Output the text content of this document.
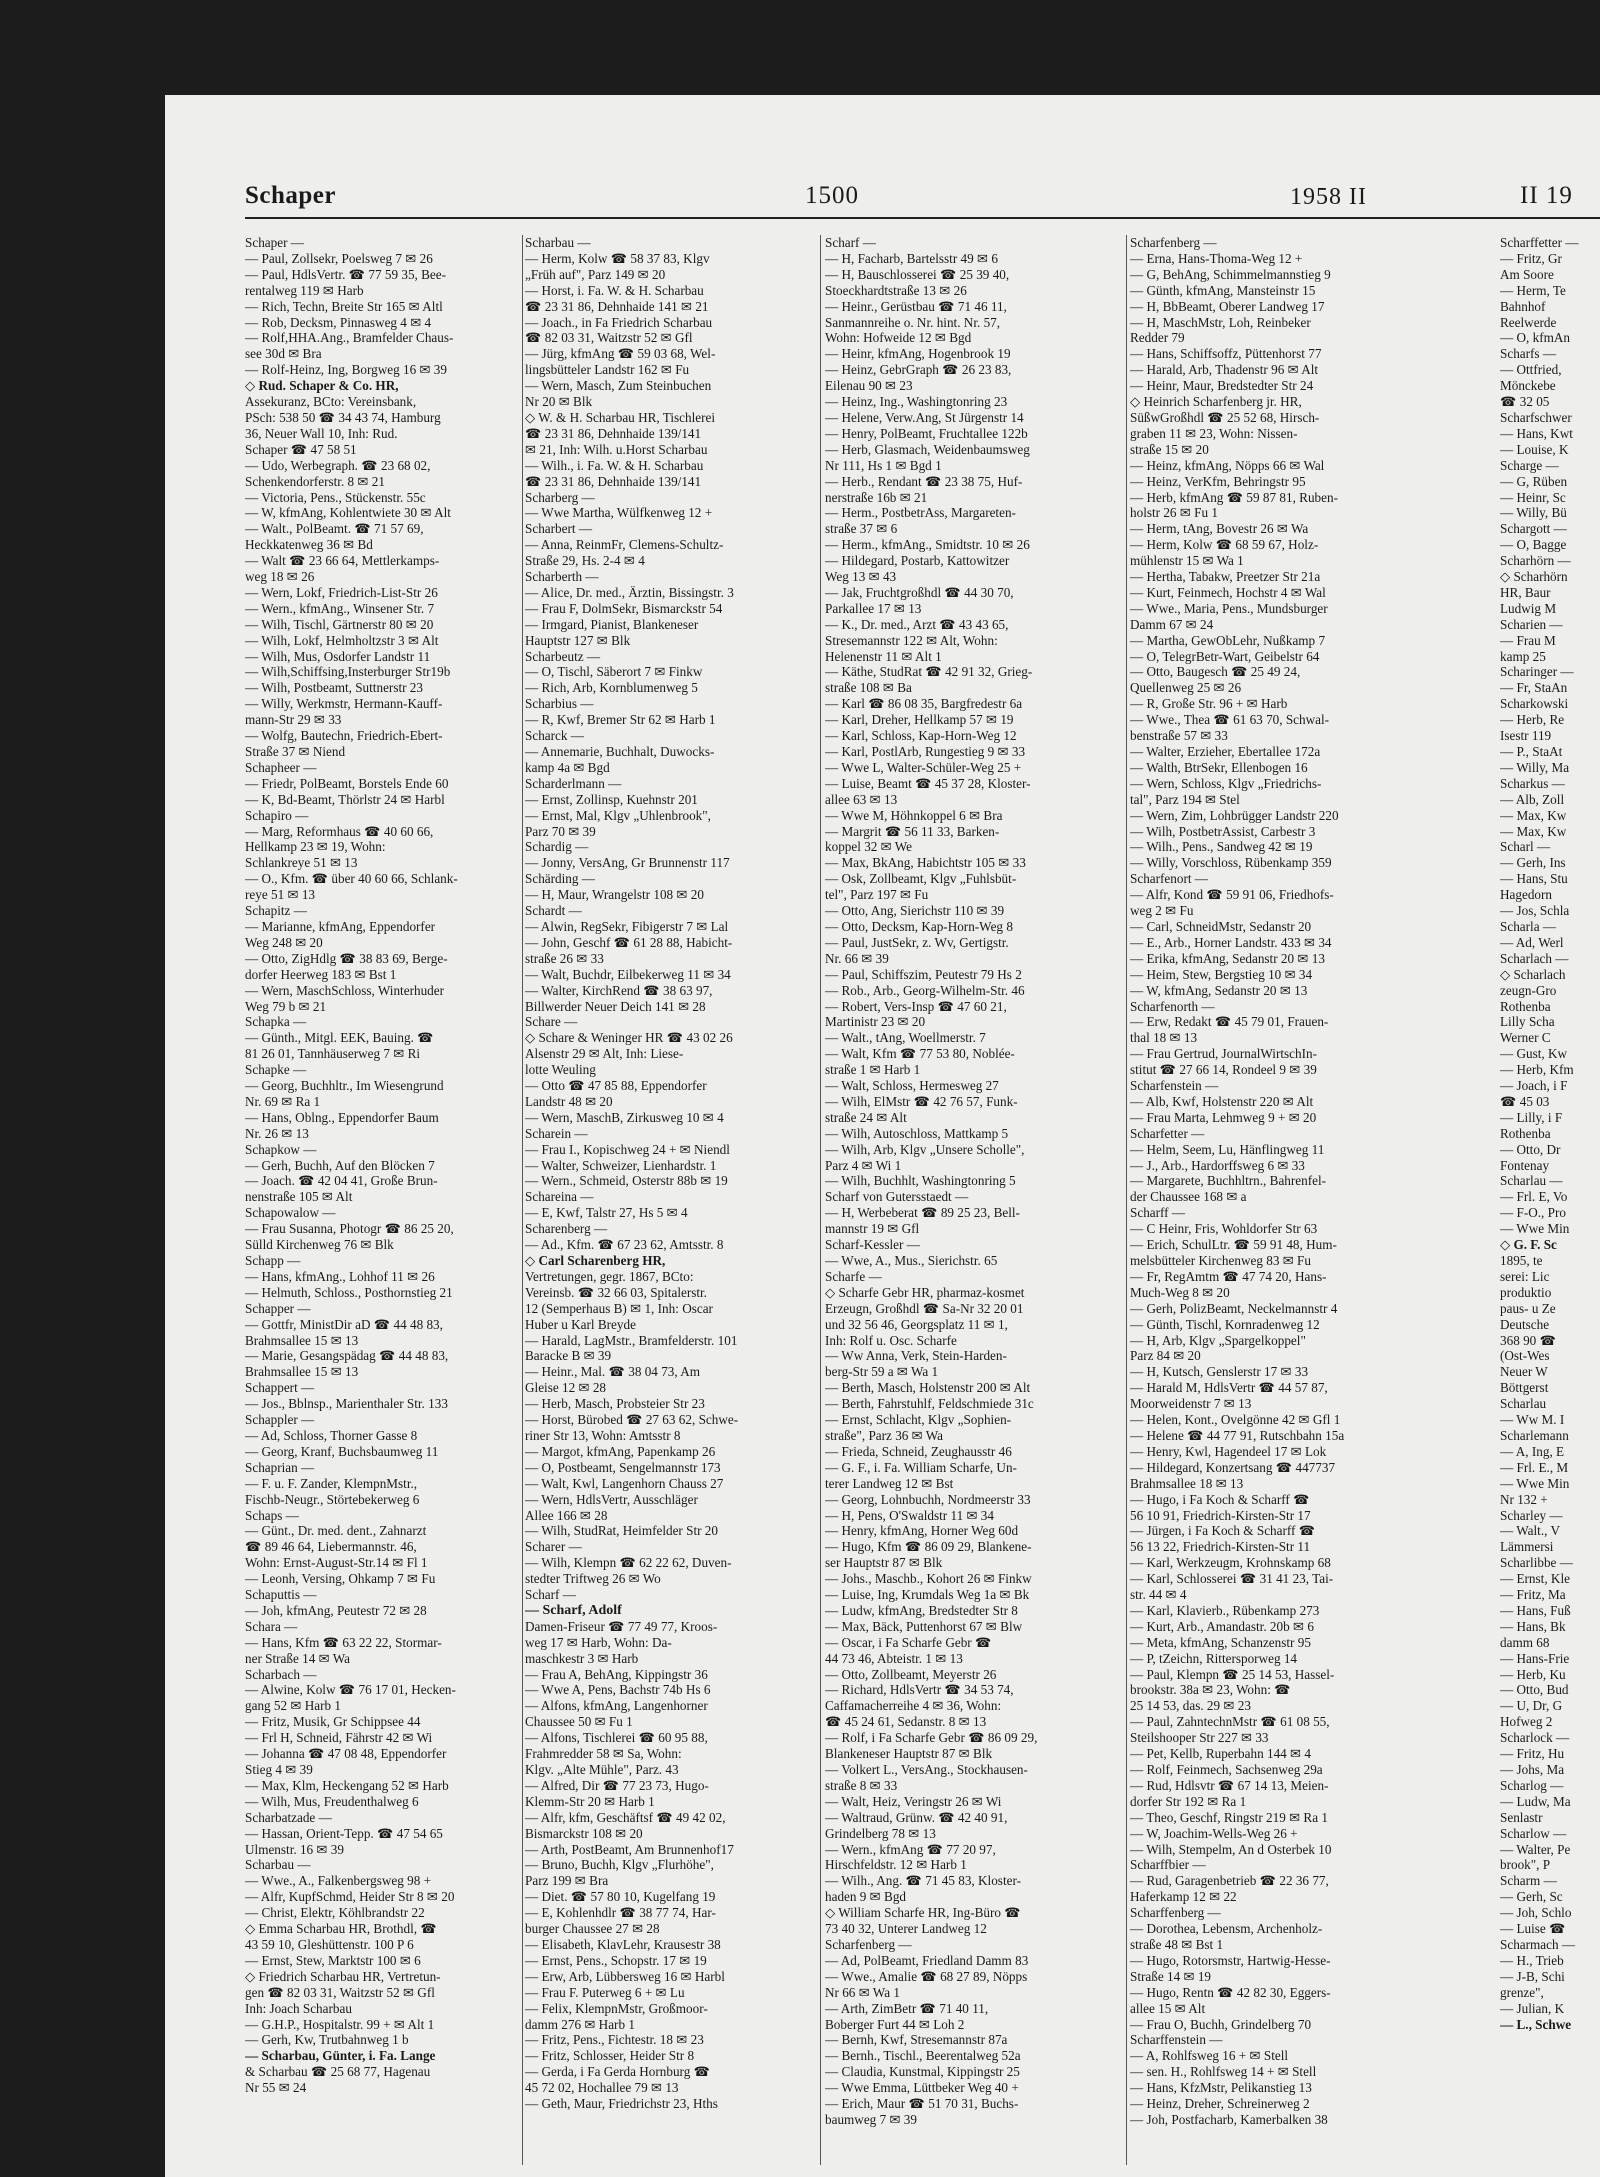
Schaper	1500	1958 II	II 19
Schaper —
— Paul, Zollsekr, Poelsweg 7 ✉ 26
— Paul, HdlsVertr. ☎ 77 59 35, Bee-
rentalweg 119 ✉ Harb
— Rich, Techn, Breite Str 165 ✉ Altl
— Rob, Decksm, Pinnasweg 4 ✉ 4
— Rolf,HHA.Ang., Bramfelder Chaus-
see 30d ✉ Bra
— Rolf-Heinz, Ing, Borgweg 16 ✉ 39
◇ Rud. Schaper & Co. HR,
Assekuranz, BCto: Vereinsbank,
PSch: 538 50 ☎ 34 43 74, Hamburg
36, Neuer Wall 10, Inh: Rud.
Schaper ☎ 47 58 51
— Udo, Werbegraph. ☎ 23 68 02,
Schenkendorferstr. 8 ✉ 21
— Victoria, Pens., Stückenstr. 55c
— W, kfmAng, Kohlentwiete 30 ✉ Alt
— Walt., PolBeamt. ☎ 71 57 69,
Heckkatenweg 36 ✉ Bd
— Walt ☎ 23 66 64, Mettlerkamps-
weg 18 ✉ 26
— Wern, Lokf, Friedrich-List-Str 26
— Wern., kfmAng., Winsener Str. 7
— Wilh, Tischl, Gärtnerstr 80 ✉ 20
— Wilh, Lokf, Helmholtzstr 3 ✉ Alt
— Wilh, Mus, Osdorfer Landstr 11
— Wilh,Schiffsing,Insterburger Str19b
— Wilh, Postbeamt, Suttnerstr 23
— Willy, Werkmstr, Hermann-Kauff-
mann-Str 29 ✉ 33
— Wolfg, Bautechn, Friedrich-Ebert-
Straße 37 ✉ Niend
Schapheer —
— Friedr, PolBeamt, Borstels Ende 60
— K, Bd-Beamt, Thörlstr 24 ✉ Harbl
Schapiro —
— Marg, Reformhaus ☎ 40 60 66,
Hellkamp 23 ✉ 19, Wohn:
Schlankreye 51 ✉ 13
— O., Kfm. ☎ über 40 60 66, Schlank-
reye 51 ✉ 13
Schapitz —
— Marianne, kfmAng, Eppendorfer
Weg 248 ✉ 20
— Otto, ZigHdlg ☎ 38 83 69, Berge-
dorfer Heerweg 183 ✉ Bst 1
— Wern, MaschSchloss, Winterhuder
Weg 79 b ✉ 21
Schapka —
— Günth., Mitgl. EEK, Bauing. ☎
81 26 01, Tannhäuserweg 7 ✉ Ri
Schapke —
— Georg, Buchhltr., Im Wiesengrund
Nr. 69 ✉ Ra 1
— Hans, Oblng., Eppendorfer Baum
Nr. 26 ✉ 13
Schapkow —
— Gerh, Buchh, Auf den Blöcken 7
— Joach. ☎ 42 04 41, Große Brun-
nenstraße 105 ✉ Alt
Schapowalow —
— Frau Susanna, Photogr ☎ 86 25 20,
Sülld Kirchenweg 76 ✉ Blk
Schapp —
— Hans, kfmAng., Lohhof 11 ✉ 26
— Helmuth, Schloss., Posthornstieg 21
Schapper —
— Gottfr, MinistDir aD ☎ 44 48 83,
Brahmsallee 15 ✉ 13
— Marie, Gesangspädag ☎ 44 48 83,
Brahmsallee 15 ✉ 13
Schappert —
— Jos., Bblnsp., Marienthaler Str. 133
Schappler —
— Ad, Schloss, Thorner Gasse 8
— Georg, Kranf, Buchsbaumweg 11
Schaprian —
— F. u. F. Zander, KlempnMstr.,
Fischb-Neugr., Störtebekerweg 6
Schaps —
— Günt., Dr. med. dent., Zahnarzt
☎ 89 46 64, Liebermannstr. 46,
Wohn: Ernst-August-Str.14 ✉ Fl 1
— Leonh, Versing, Ohkamp 7 ✉ Fu
Schaputtis —
— Joh, kfmAng, Peutestr 72 ✉ 28
Schara —
— Hans, Kfm ☎ 63 22 22, Stormar-
ner Straße 14 ✉ Wa
Scharbach —
— Alwine, Kolw ☎ 76 17 01, Hecken-
gang 52 ✉ Harb 1
— Fritz, Musik, Gr Schippsee 44
— Frl H, Schneid, Fährstr 42 ✉ Wi
— Johanna ☎ 47 08 48, Eppendorfer
Stieg 4 ✉ 39
— Max, Klm, Heckengang 52 ✉ Harb
— Wilh, Mus, Freudenthalweg 6
Scharbatzade —
— Hassan, Orient-Tepp. ☎ 47 54 65
Ulmenstr. 16 ✉ 39
Scharbau —
— Wwe., A., Falkenbergsweg 98 +
— Alfr, KupfSchmd, Heider Str 8 ✉ 20
— Christ, Elektr, Köhlbrandstr 22
◇ Emma Scharbau HR, Brothdl, ☎
43 59 10, Gleshüttenstr. 100 P 6
— Ernst, Stew, Marktstr 100 ✉ 6
◇ Friedrich Scharbau HR, Vertretun-
gen ☎ 82 03 31, Waitzstr 52 ✉ Gfl
Inh: Joach Scharbau
— G.H.P., Hospitalstr. 99 + ✉ Alt 1
— Gerh, Kw, Trutbahnweg 1 b
— Scharbau, Günter, i. Fa. Lange
& Scharbau ☎ 25 68 77, Hagenau
Nr 55 ✉ 24
Scharbau —
— Herm, Kolw ☎ 58 37 83, Klgv
„Früh auf", Parz 149 ✉ 20
— Horst, i. Fa. W. & H. Scharbau
☎ 23 31 86, Dehnhaide 141 ✉ 21
— Joach., in Fa Friedrich Scharbau
☎ 82 03 31, Waitzstr 52 ✉ Gfl
— Jürg, kfmAng ☎ 59 03 68, Wel-
lingsbütteler Landstr 162 ✉ Fu
— Wern, Masch, Zum Steinbuchen
Nr 20 ✉ Blk
◇ W. & H. Scharbau HR, Tischlerei
☎ 23 31 86, Dehnhaide 139/141
✉ 21, Inh: Wilh. u.Horst Scharbau
— Wilh., i. Fa. W. & H. Scharbau
☎ 23 31 86, Dehnhaide 139/141
Scharberg —
— Wwe Martha, Wülfkenweg 12 +
Scharbert —
— Anna, ReinmFr, Clemens-Schultz-
Straße 29, Hs. 2-4 ✉ 4
Scharberth —
— Alice, Dr. med., Ärztin, Bissingstr. 3
— Frau F, DolmSekr, Bismarckstr 54
— Irmgard, Pianist, Blankeneser
Hauptstr 127 ✉ Blk
Scharbeutz —
— O, Tischl, Säberort 7 ✉ Finkw
— Rich, Arb, Kornblumenweg 5
Scharbius —
— R, Kwf, Bremer Str 62 ✉ Harb 1
Scharck —
— Annemarie, Buchhalt, Duwocks-
kamp 4a ✉ Bgd
Scharderlmann —
— Ernst, Zollinsp, Kuehnstr 201
— Ernst, Mal, Klgv „Uhlenbrook",
Parz 70 ✉ 39
Schardig —
— Jonny, VersAng, Gr Brunnenstr 117
Schärding —
— H, Maur, Wrangelstr 108 ✉ 20
Schardt —
— Alwin, RegSekr, Fibigerstr 7 ✉ Lal
— John, Geschf ☎ 61 28 88, Habicht-
straße 26 ✉ 33
— Walt, Buchdr, Eilbekerweg 11 ✉ 34
— Walter, KirchRend ☎ 38 63 97,
Billwerder Neuer Deich 141 ✉ 28
Schare —
◇ Schare & Weninger HR ☎ 43 02 26
Alsenstr 29 ✉ Alt, Inh: Liese-
lotte Weuling
— Otto ☎ 47 85 88, Eppendorfer
Landstr 48 ✉ 20
— Wern, MaschB, Zirkusweg 10 ✉ 4
Scharein —
— Frau I., Kopischweg 24 + ✉ Niendl
— Walter, Schweizer, Lienhardstr. 1
— Wern., Schmeid, Osterstr 88b ✉ 19
Schareina —
— E, Kwf, Talstr 27, Hs 5 ✉ 4
Scharenberg —
— Ad., Kfm. ☎ 67 23 62, Amtsstr. 8
◇ Carl Scharenberg HR,
Vertretungen, gegr. 1867, BCto:
Vereinsb. ☎ 32 66 03, Spitalerstr.
12 (Semperhaus B) ✉ 1, Inh: Oscar
Huber u Karl Breyde
— Harald, LagMstr., Bramfelderstr. 101
Baracke B ✉ 39
— Heinr., Mal. ☎ 38 04 73, Am
Gleise 12 ✉ 28
— Herb, Masch, Probsteier Str 23
— Horst, Bürobed ☎ 27 63 62, Schwe-
riner Str 13, Wohn: Amtsstr 8
— Margot, kfmAng, Papenkamp 26
— O, Postbeamt, Sengelmannstr 173
— Walt, Kwl, Langenhorn Chauss 27
— Wern, HdlsVertr, Ausschläger
Allee 166 ✉ 28
— Wilh, StudRat, Heimfelder Str 20
Scharer —
— Wilh, Klempn ☎ 62 22 62, Duven-
stedter Triftweg 26 ✉ Wo
Scharf —
— Scharf, Adolf
Damen-Friseur ☎ 77 49 77, Kroos-
weg 17 ✉ Harb, Wohn: Da-
maschkestr 3 ✉ Harb
— Frau A, BehAng, Kippingstr 36
— Wwe A, Pens, Bachstr 74b Hs 6
— Alfons, kfmAng, Langenhorner
Chaussee 50 ✉ Fu 1
— Alfons, Tischlerei ☎ 60 95 88,
Frahmredder 58 ✉ Sa, Wohn:
Klgv. „Alte Mühle", Parz. 43
— Alfred, Dir ☎ 77 23 73, Hugo-
Klemm-Str 20 ✉ Harb 1
— Alfr, kfm, Geschäftsf ☎ 49 42 02,
Bismarckstr 108 ✉ 20
— Arth, PostBeamt, Am Brunnenhof17
— Bruno, Buchh, Klgv „Flurhöhe",
Parz 199 ✉ Bra
— Diet. ☎ 57 80 10, Kugelfang 19
— E, Kohlenhdlr ☎ 38 77 74, Har-
burger Chaussee 27 ✉ 28
— Elisabeth, KlavLehr, Krausestr 38
— Ernst, Pens., Schopstr. 17 ✉ 19
— Erw, Arb, Lübbersweg 16 ✉ Harbl
— Frau F. Puterweg 6 + ✉ Lu
— Felix, KlempnMstr, Großmoor-
damm 276 ✉ Harb 1
— Fritz, Pens., Fichtestr. 18 ✉ 23
— Fritz, Schlosser, Heider Str 8
— Gerda, i Fa Gerda Hornburg ☎
45 72 02, Hochallee 79 ✉ 13
— Geth, Maur, Friedrichstr 23, Hths
Scharf —
— H, Facharb, Bartelsstr 49 ✉ 6
— H, Bauschlosserei ☎ 25 39 40,
Stoeckhardtstraße 13 ✉ 26
— Heinr., Gerüstbau ☎ 71 46 11,
Sanmannreihe o. Nr. hint. Nr. 57,
Wohn: Hofweide 12 ✉ Bgd
— Heinr, kfmAng, Hogenbrook 19
— Heinz, GebrGraph ☎ 26 23 83,
Eilenau 90 ✉ 23
— Heinz, Ing., Washingtonring 23
— Helene, Verw.Ang, St Jürgenstr 14
— Henry, PolBeamt, Fruchtallee 122b
— Herb, Glasmach, Weidenbaumsweg
Nr 111, Hs 1 ✉ Bgd 1
— Herb., Rendant ☎ 23 38 75, Huf-
nerstraße 16b ✉ 21
— Herm., PostbetrAss, Margareten-
straße 37 ✉ 6
— Herm., kfmAng., Smidtstr. 10 ✉ 26
— Hildegard, Postarb, Kattowitzer
Weg 13 ✉ 43
— Jak, Fruchtgroßhdl ☎ 44 30 70,
Parkallee 17 ✉ 13
— K., Dr. med., Arzt ☎ 43 43 65,
Stresemannstr 122 ✉ Alt, Wohn:
Helenenstr 11 ✉ Alt 1
— Käthe, StudRat ☎ 42 91 32, Grieg-
straße 108 ✉ Ba
— Karl ☎ 86 08 35, Bargfredestr 6a
— Karl, Dreher, Hellkamp 57 ✉ 19
— Karl, Schloss, Kap-Horn-Weg 12
— Karl, PostlArb, Rungestieg 9 ✉ 33
— Wwe L, Walter-Schüler-Weg 25 +
— Luise, Beamt ☎ 45 37 28, Kloster-
allee 63 ✉ 13
— Wwe M, Höhnkoppel 6 ✉ Bra
— Margrit ☎ 56 11 33, Barken-
koppel 32 ✉ We
— Max, BkAng, Habichtstr 105 ✉ 33
— Osk, Zollbeamt, Klgv „Fuhlsbüt-
tel", Parz 197 ✉ Fu
— Otto, Ang, Sierichstr 110 ✉ 39
— Otto, Decksm, Kap-Horn-Weg 8
— Paul, JustSekr, z. Wv, Gertigstr.
Nr. 66 ✉ 39
— Paul, Schiffszim, Peutestr 79 Hs 2
— Rob., Arb., Georg-Wilhelm-Str. 46
— Robert, Vers-Insp ☎ 47 60 21,
Martinistr 23 ✉ 20
— Walt., tAng, Woellmerstr. 7
— Walt, Kfm ☎ 77 53 80, Noblée-
straße 1 ✉ Harb 1
— Walt, Schloss, Hermesweg 27
— Wilh, ElMstr ☎ 42 76 57, Funk-
straße 24 ✉ Alt
— Wilh, Autoschloss, Mattkamp 5
— Wilh, Arb, Klgv „Unsere Scholle",
Parz 4 ✉ Wi 1
— Wilh, Buchhlt, Washingtonring 5
Scharf von Gutersstaedt —
— H, Werbeberat ☎ 89 25 23, Bell-
mannstr 19 ✉ Gfl
Scharf-Kessler —
— Wwe, A., Mus., Sierichstr. 65
Scharfe —
◇ Scharfe Gebr HR, pharmaz-kosmet
Erzeugn, Großhdl ☎ Sa-Nr 32 20 01
und 32 56 46, Georgsplatz 11 ✉ 1,
Inh: Rolf u. Osc. Scharfe
— Ww Anna, Verk, Stein-Harden-
berg-Str 59 a ✉ Wa 1
— Berth, Masch, Holstenstr 200 ✉ Alt
— Berth, Fahrstuhlf, Feldschmiede 31c
— Ernst, Schlacht, Klgv „Sophien-
straße", Parz 36 ✉ Wa
— Frieda, Schneid, Zeughausstr 46
— G. F., i. Fa. William Scharfe, Un-
terer Landweg 12 ✉ Bst
— Georg, Lohnbuchh, Nordmeerstr 33
— H, Pens, O'Swaldstr 11 ✉ 34
— Henry, kfmAng, Horner Weg 60d
— Hugo, Kfm ☎ 86 09 29, Blankene-
ser Hauptstr 87 ✉ Blk
— Johs., Maschb., Kohort 26 ✉ Finkw
— Luise, Ing, Krumdals Weg 1a ✉ Bk
— Ludw, kfmAng, Bredstedter Str 8
— Max, Bäck, Puttenhorst 67 ✉ Blw
— Oscar, i Fa Scharfe Gebr ☎
44 73 46, Abteistr. 1 ✉ 13
— Otto, Zollbeamt, Meyerstr 26
— Richard, HdlsVertr ☎ 34 53 74,
Caffamacherreihe 4 ✉ 36, Wohn:
☎ 45 24 61, Sedanstr. 8 ✉ 13
— Rolf, i Fa Scharfe Gebr ☎ 86 09 29,
Blankeneser Hauptstr 87 ✉ Blk
— Volkert L., VersAng., Stockhausen-
straße 8 ✉ 33
— Walt, Heiz, Veringstr 26 ✉ Wi
— Waltraud, Grünw. ☎ 42 40 91,
Grindelberg 78 ✉ 13
— Wern., kfmAng ☎ 77 20 97,
Hirschfeldstr. 12 ✉ Harb 1
— Wilh., Ang. ☎ 71 45 83, Kloster-
haden 9 ✉ Bgd
◇ William Scharfe HR, Ing-Büro ☎
73 40 32, Unterer Landweg 12
Scharfenberg —
— Ad, PolBeamt, Friedland Damm 83
— Wwe., Amalie ☎ 68 27 89, Nöpps
Nr 66 ✉ Wa 1
— Arth, ZimBetr ☎ 71 40 11,
Boberger Furt 44 ✉ Loh 2
— Bernh, Kwf, Stresemannstr 87a
— Bernh., Tischl., Beerentalweg 52a
— Claudia, Kunstmal, Kippingstr 25
— Wwe Emma, Lüttbeker Weg 40 +
— Erich, Maur ☎ 51 70 31, Buchs-
baumweg 7 ✉ 39
Scharfenberg —
— Erna, Hans-Thoma-Weg 12 +
— G, BehAng, Schimmelmannstieg 9
— Günth, kfmAng, Mansteinstr 15
— H, BbBeamt, Oberer Landweg 17
— H, MaschMstr, Loh, Reinbeker
Redder 79
— Hans, Schiffsoffz, Püttenhorst 77
— Harald, Arb, Thadenstr 96 ✉ Alt
— Heinr, Maur, Bredstedter Str 24
◇ Heinrich Scharfenberg jr. HR,
SüßwGroßhdl ☎ 25 52 68, Hirsch-
graben 11 ✉ 23, Wohn: Nissen-
straße 15 ✉ 20
— Heinz, kfmAng, Nöpps 66 ✉ Wal
— Heinz, VerKfm, Behringstr 95
— Herb, kfmAng ☎ 59 87 81, Ruben-
holstr 26 ✉ Fu 1
— Herm, tAng, Bovestr 26 ✉ Wa
— Herm, Kolw ☎ 68 59 67, Holz-
mühlenstr 15 ✉ Wa 1
— Hertha, Tabakw, Preetzer Str 21a
— Kurt, Feinmech, Hochstr 4 ✉ Wal
— Wwe., Maria, Pens., Mundsburger
Damm 67 ✉ 24
— Martha, GewObLehr, Nußkamp 7
— O, TelegrBetr-Wart, Geibelstr 64
— Otto, Baugesch ☎ 25 49 24,
Quellenweg 25 ✉ 26
— R, Große Str. 96 + ✉ Harb
— Wwe., Thea ☎ 61 63 70, Schwal-
benstraße 57 ✉ 33
— Walter, Erzieher, Ebertallee 172a
— Walth, BtrSekr, Ellenbogen 16
— Wern, Schloss, Klgv „Friedrichs-
tal", Parz 194 ✉ Stel
— Wern, Zim, Lohbrügger Landstr 220
— Wilh, PostbetrAssist, Carbestr 3
— Wilh., Pens., Sandweg 42 ✉ 19
— Willy, Vorschloss, Rübenkamp 359
Scharfenort —
— Alfr, Kond ☎ 59 91 06, Friedhofs-
weg 2 ✉ Fu
— Carl, SchneidMstr, Sedanstr 20
— E., Arb., Horner Landstr. 433 ✉ 34
— Erika, kfmAng, Sedanstr 20 ✉ 13
— Heim, Stew, Bergstieg 10 ✉ 34
— W, kfmAng, Sedanstr 20 ✉ 13
Scharfenorth —
— Erw, Redakt ☎ 45 79 01, Frauen-
thal 18 ✉ 13
— Frau Gertrud, JournalWirtschIn-
stitut ☎ 27 66 14, Rondeel 9 ✉ 39
Scharfenstein —
— Alb, Kwf, Holstenstr 220 ✉ Alt
— Frau Marta, Lehmweg 9 + ✉ 20
Scharfetter —
— Helm, Seem, Lu, Hänflingweg 11
— J., Arb., Hardorffsweg 6 ✉ 33
— Margarete, Buchhltrn., Bahrenfel-
der Chaussee 168 ✉ a
Scharff —
— C Heinr, Fris, Wohldorfer Str 63
— Erich, SchulLtr. ☎ 59 91 48, Hum-
melsbütteler Kirchenweg 83 ✉ Fu
— Fr, RegAmtm ☎ 47 74 20, Hans-
Much-Weg 8 ✉ 20
— Gerh, PolizBeamt, Neckelmannstr 4
— Günth, Tischl, Kornradenweg 12
— H, Arb, Klgv „Spargelkoppel"
Parz 84 ✉ 20
— H, Kutsch, Genslerstr 17 ✉ 33
— Harald M, HdlsVertr ☎ 44 57 87,
Moorweidenstr 7 ✉ 13
— Helen, Kont., Ovelgönne 42 ✉ Gfl 1
— Helene ☎ 44 77 91, Rutschbahn 15a
— Henry, Kwl, Hagendeel 17 ✉ Lok
— Hildegard, Konzertsang ☎ 447737
Brahmsallee 18 ✉ 13
— Hugo, i Fa Koch & Scharff ☎
56 10 91, Friedrich-Kirsten-Str 17
— Jürgen, i Fa Koch & Scharff ☎
56 13 22, Friedrich-Kirsten-Str 11
— Karl, Werkzeugm, Krohnskamp 68
— Karl, Schlosserei ☎ 31 41 23, Tai-
str. 44 ✉ 4
— Karl, Klavierb., Rübenkamp 273
— Kurt, Arb., Amandastr. 20b ✉ 6
— Meta, kfmAng, Schanzenstr 95
— P, tZeichn, Rittersporweg 14
— Paul, Klempn ☎ 25 14 53, Hassel-
brookstr. 38a ✉ 23, Wohn: ☎
25 14 53, das. 29 ✉ 23
— Paul, ZahntechnMstr ☎ 61 08 55,
Steilshooper Str 227 ✉ 33
— Pet, Kellb, Ruperbahn 144 ✉ 4
— Rolf, Feinmech, Sachsenweg 29a
— Rud, Hdlsvtr ☎ 67 14 13, Meien-
dorfer Str 192 ✉ Ra 1
— Theo, Geschf, Ringstr 219 ✉ Ra 1
— W, Joachim-Wells-Weg 26 +
— Wilh, Stempelm, An d Osterbek 10
Scharffbier —
— Rud, Garagenbetrieb ☎ 22 36 77,
Haferkamp 12 ✉ 22
Scharffenberg —
— Dorothea, Lebensm, Archenholz-
straße 48 ✉ Bst 1
— Hugo, Rotorsmstr, Hartwig-Hesse-
Straße 14 ✉ 19
— Hugo, Rentn ☎ 42 82 30, Eggers-
allee 15 ✉ Alt
— Frau O, Buchh, Grindelberg 70
Scharffenstein —
— A, Rohlfsweg 16 + ✉ Stell
— sen. H., Rohlfsweg 14 + ✉ Stell
— Hans, KfzMstr, Pelikanstieg 13
— Heinz, Dreher, Schreinerweg 2
— Joh, Postfacharb, Kamerbalken 38
Scharffetter —
— Fritz, Gr
Am Soore
— Herm, Te
Bahnhof
Reelwerde
— O, kfmAn
Scharfs —
— Ottfried,
Mönckebe
☎ 32 05
Scharfschwer
— Hans, Kwt
— Louise, K
Scharge —
— G, Rüben
— Heinr, Sc
— Willy, Bü
Schargott —
— O, Bagge
Scharhörn —
◇ Scharhörn
HR, Baur
Ludwig M
Scharien —
— Frau M
kamp 25
Scharinger —
— Fr, StaAn
Scharkowski
— Herb, Re
Isestr 119
— P., StaAt
— Willy, Ma
Scharkus —
— Alb, Zoll
— Max, Kw
— Max, Kw
Scharl —
— Gerh, Ins
— Hans, Stu
Hagedorn
— Jos, Schla
Scharla —
— Ad, Werl
Scharlach —
◇ Scharlach
zeugn-Gro
Rothenba
Lilly Scha
Werner C
— Gust, Kw
— Herb, Kfm
— Joach, i F
☎ 45 03
— Lilly, i F
Rothenba
— Otto, Dr
Fontenay
Scharlau —
— Frl. E, Vo
— F-O., Pro
— Wwe Min
◇ G. F. Sc
1895, te
serei: Lic
produktio
paus- u Ze
Deutsche
368 90 ☎
(Ost-Wes
Neuer W
Böttgerst
Scharlau
— Ww M. I
Scharlemann
— A, Ing, E
— Frl. E., M
— Wwe Min
Nr 132 +
Scharley —
— Walt., V
Lämmersi
Scharlibbe —
— Ernst, Kle
— Fritz, Ma
— Hans, Fuß
— Hans, Bk
damm 68
— Hans-Frie
— Herb, Ku
— Otto, Bud
— U, Dr, G
Hofweg 2
Scharlock —
— Fritz, Hu
— Johs, Ma
Scharlog —
— Ludw, Ma
Senlastr
Scharlow —
— Walter, Pe
brook", P
Scharm —
— Gerh, Sc
— Joh, Schlo
— Luise ☎
Scharmach —
— H., Trieb
— J-B, Schi
grenze",
— Julian, K
— L., Schwe
